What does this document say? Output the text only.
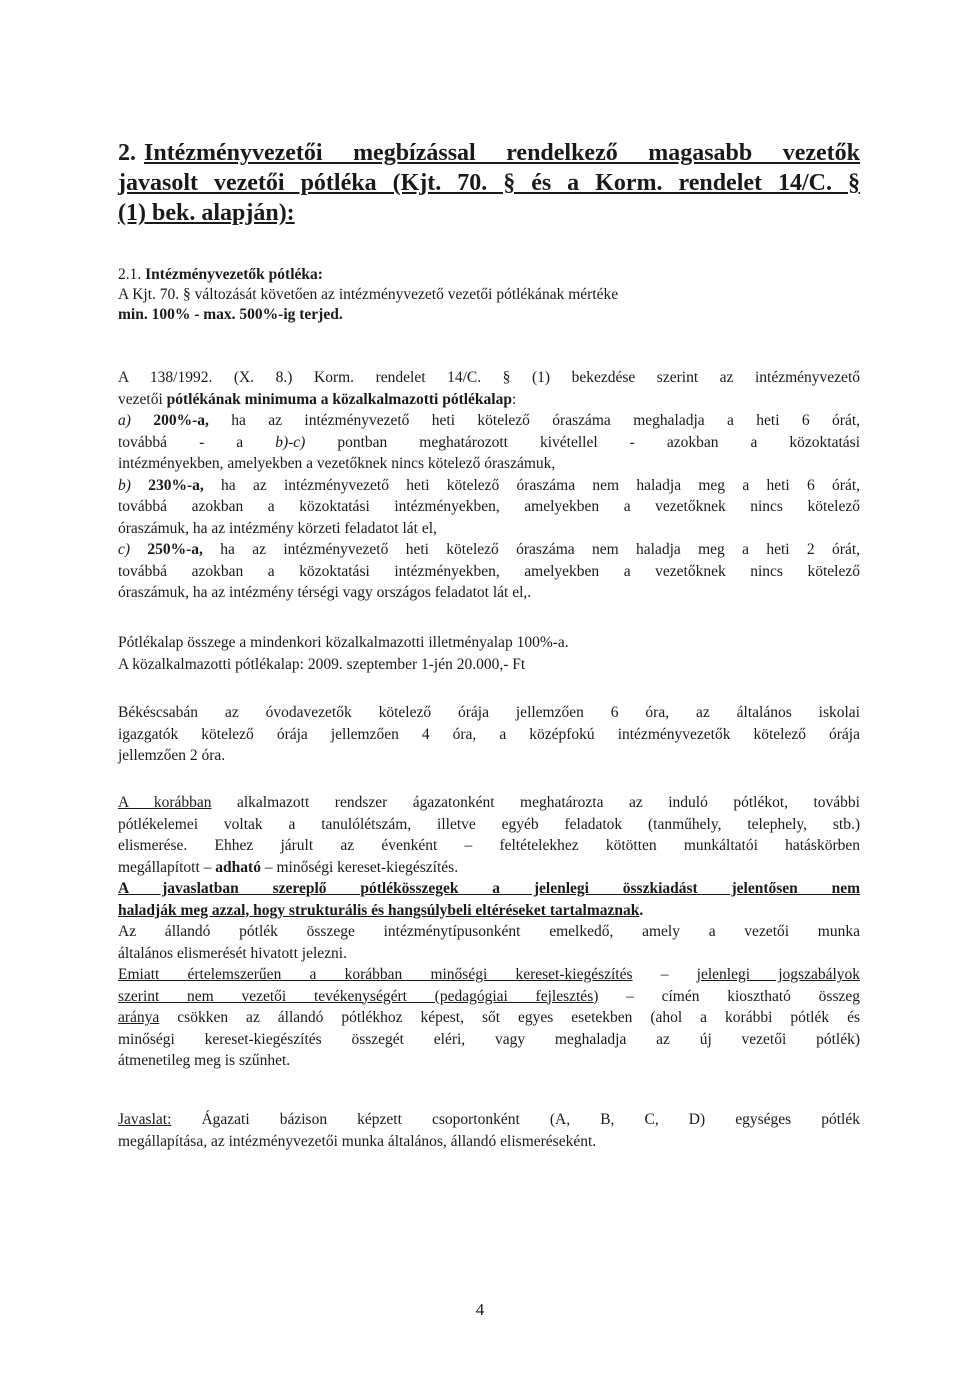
2. Intézményvezetői megbízással rendelkező magasabb vezetők
javasolt vezetői pótléka (Kjt. 70. § és a Korm. rendelet 14/C. §
(1) bek. alapján):
2.1. Intézményvezetők pótléka:
A Kjt. 70. § változását követően az intézményvezető vezetői pótlékának mértéke
min. 100% - max. 500%-ig terjed.
A 138/1992. (X. 8.) Korm. rendelet 14/C. § (1) bekezdése szerint az intézményvezető
vezetői pótlékának minimuma a közalkalmazotti pótlékalap:
a) 200%-a, ha az intézményvezető heti kötelező óraszáma meghaladja a heti 6 órát,
továbbá - a b)-c) pontban meghatározott kivétellel - azokban a közoktatási
intézményekben, amelyekben a vezetőknek nincs kötelező óraszámuk,
b) 230%-a, ha az intézményvezető heti kötelező óraszáma nem haladja meg a heti 6 órát,
továbbá azokban a közoktatási intézményekben, amelyekben a vezetőknek nincs kötelező
óraszámuk, ha az intézmény körzeti feladatot lát el,
c) 250%-a, ha az intézményvezető heti kötelező óraszáma nem haladja meg a heti 2 órát,
továbbá azokban a közoktatási intézményekben, amelyekben a vezetőknek nincs kötelező
óraszámuk, ha az intézmény térségi vagy országos feladatot lát el,.
Pótlékalap összege a mindenkori közalkalmazotti illetményalap 100%-a.
A közalkalmazotti pótlékalap: 2009. szeptember 1-jén 20.000,- Ft
Békéscsabán az óvodavezetők kötelező órája jellemzően 6 óra, az általános iskolai
igazgatók kötelező órája jellemzően 4 óra, a középfokú intézményvezetők kötelező órája
jellemzően 2 óra.
A korábban alkalmazott rendszer ágazatonként meghatározta az induló pótlékot, további
pótlékelemei voltak a tanulólétszám, illetve egyéb feladatok (tanműhely, telephely, stb.)
elismerése. Ehhez járult az évenként – feltételekhez kötötten munkáltatói hatáskörben
megállapított – adható – minőségi kereset-kiegészítés.
A javaslatban szereplő pótlékösszegek a jelenlegi összkiadást jelentősen nem
haladják meg azzal, hogy strukturális és hangsúlybeli eltéréseket tartalmaznak.
Az állandó pótlék összege intézménytípusonként emelkedő, amely a vezetői munka
általános elismerését hivatott jelezni.
Emiatt értelemszerűen a korábban minőségi kereset-kiegészítés – jelenlegi jogszabályok
szerint nem vezetői tevékenységért (pedagógiai fejlesztés) – címén kiosztható összeg
aránya csökken az állandó pótlékhoz képest, sőt egyes esetekben (ahol a korábbi pótlék és
minőségi kereset-kiegészítés összegét eléri, vagy meghaladja az új vezetői pótlék)
átmenetileg meg is szűnhet.
Javaslat: Ágazati bázison képzett csoportonként (A, B, C, D) egységes pótlék
megállapítása, az intézményvezetői munka általános, állandó elismeréseként.
4
